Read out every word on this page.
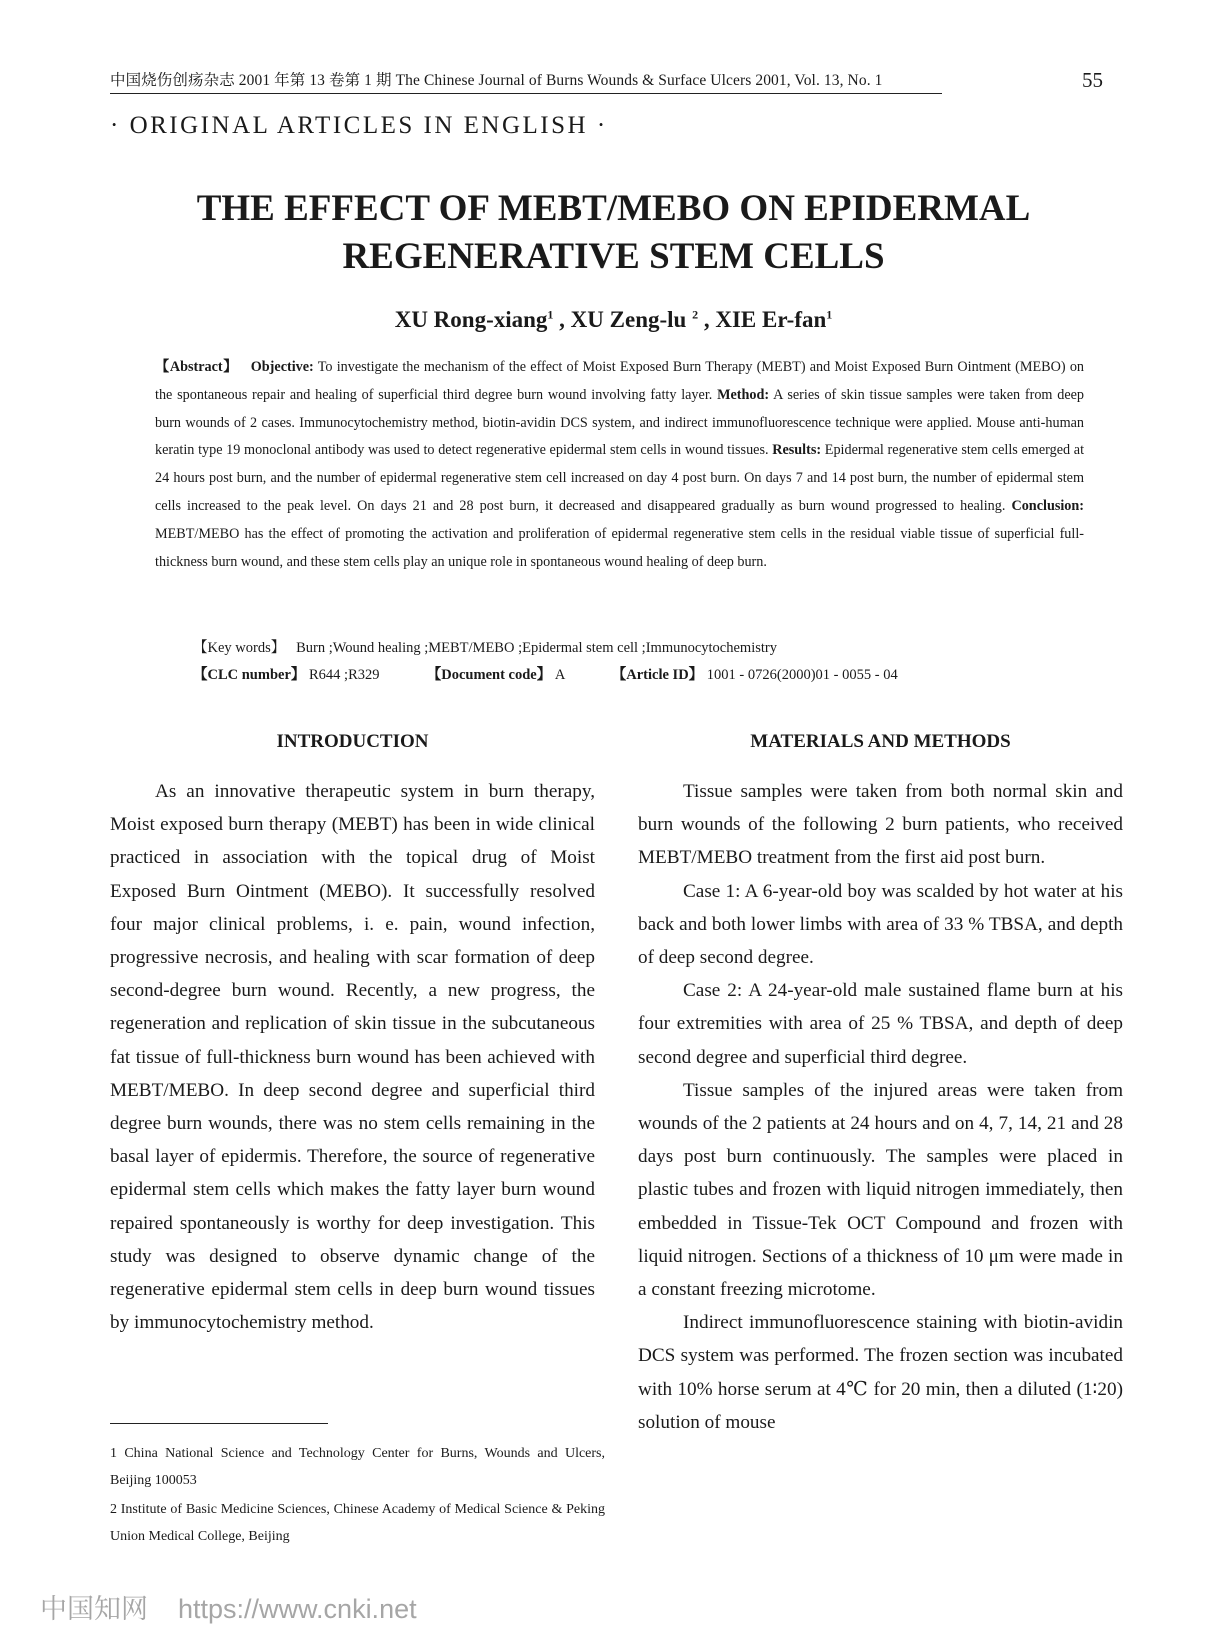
中国烧伤创疡杂志 2001 年第 13 卷第 1 期 The Chinese Journal of Burns Wounds & Surface Ulcers 2001, Vol. 13, No. 1	55
· ORIGINAL ARTICLES IN ENGLISH ·
THE EFFECT OF MEBT/MEBO ON EPIDERMAL
REGENERATIVE STEM CELLS
XU Rong-xiang$^1$ , XU Zeng-lu $^2$ , XIE Er-fan$^1$

【Abstract】 Objective: To investigate the mechanism of the effect of Moist Exposed Burn Therapy (MEBT) and Moist Exposed Burn Ointment (MEBO) on the spontaneous repair and healing of superficial third degree burn wound involving fatty layer. Method: A series of skin tissue samples were taken from deep burn wounds of 2 cases. Immunocytochemistry method, biotin-avidin DCS system, and indirect immunofluorescence technique were applied. Mouse anti-human keratin type 19 monoclonal antibody was used to detect regenerative epidermal stem cells in wound tissues. Results: Epidermal regenerative stem cells emerged at 24 hours post burn, and the number of epidermal regenerative stem cell increased on day 4 post burn. On days 7 and 14 post burn, the number of epidermal stem cells increased to the peak level. On days 21 and 28 post burn, it decreased and disappeared gradually as burn wound progressed to healing. Conclusion: MEBT/MEBO has the effect of promoting the activation and proliferation of epidermal regenerative stem cells in the residual viable tissue of superficial full-thickness burn wound, and these stem cells play an unique role in spontaneous wound healing of deep burn.

【Key words】 Burn ;Wound healing ;MEBT/MEBO ;Epidermal stem cell ;Immunocytochemistry
【CLC number】 R644 ;R329	【Document code】 A	【Article ID】 1001 - 0726(2000)01 - 0055 - 04
INTRODUCTION	MATERIALS AND METHODS

As an innovative therapeutic system in burn therapy, Moist exposed burn therapy (MEBT) has been in wide clinical practiced in association with the topical drug of Moist Exposed Burn Ointment (MEBO). It successfully resolved four major clinical problems, i. e. pain, wound infection, progressive necrosis, and healing with scar formation of deep second-degree burn wound. Recently, a new progress, the regeneration and replication of skin tissue in the subcutaneous fat tissue of full-thickness burn wound has been achieved with MEBT/MEBO. In deep second degree and superficial third degree burn wounds, there was no stem cells remaining in the basal layer of epidermis. Therefore, the source of regenerative epidermal stem cells which makes the fatty layer burn wound repaired spontaneously is worthy for deep investigation. This study was designed to observe dynamic change of the regenerative epidermal stem cells in deep burn wound tissues by immunocytochemistry method.

Tissue samples were taken from both normal skin and burn wounds of the following 2 burn patients, who received MEBT/MEBO treatment from the first aid post burn.

Case 1: A 6-year-old boy was scalded by hot water at his back and both lower limbs with area of 33 % TBSA, and depth of deep second degree.

Case 2: A 24-year-old male sustained flame burn at his four extremities with area of 25 % TBSA, and depth of deep second degree and superficial third degree.

Tissue samples of the injured areas were taken from wounds of the 2 patients at 24 hours and on 4, 7, 14, 21 and 28 days post burn continuously. The samples were placed in plastic tubes and frozen with liquid nitrogen immediately, then embedded in Tissue-Tek OCT Compound and frozen with liquid nitrogen. Sections of a thickness of 10 μm were made in a constant freezing microtome.

Indirect immunofluorescence staining with biotin-avidin DCS system was performed. The frozen section was incubated with 10% horse serum at 4℃ for 20 min, then a diluted (1∶20) solution of mouse

1 China National Science and Technology Center for Burns, Wounds and Ulcers, Beijing 100053

2 Institute of Basic Medicine Sciences, Chinese Academy of Medical Science & Peking Union Medical College, Beijing

中国知网 https://www.cnki.net
